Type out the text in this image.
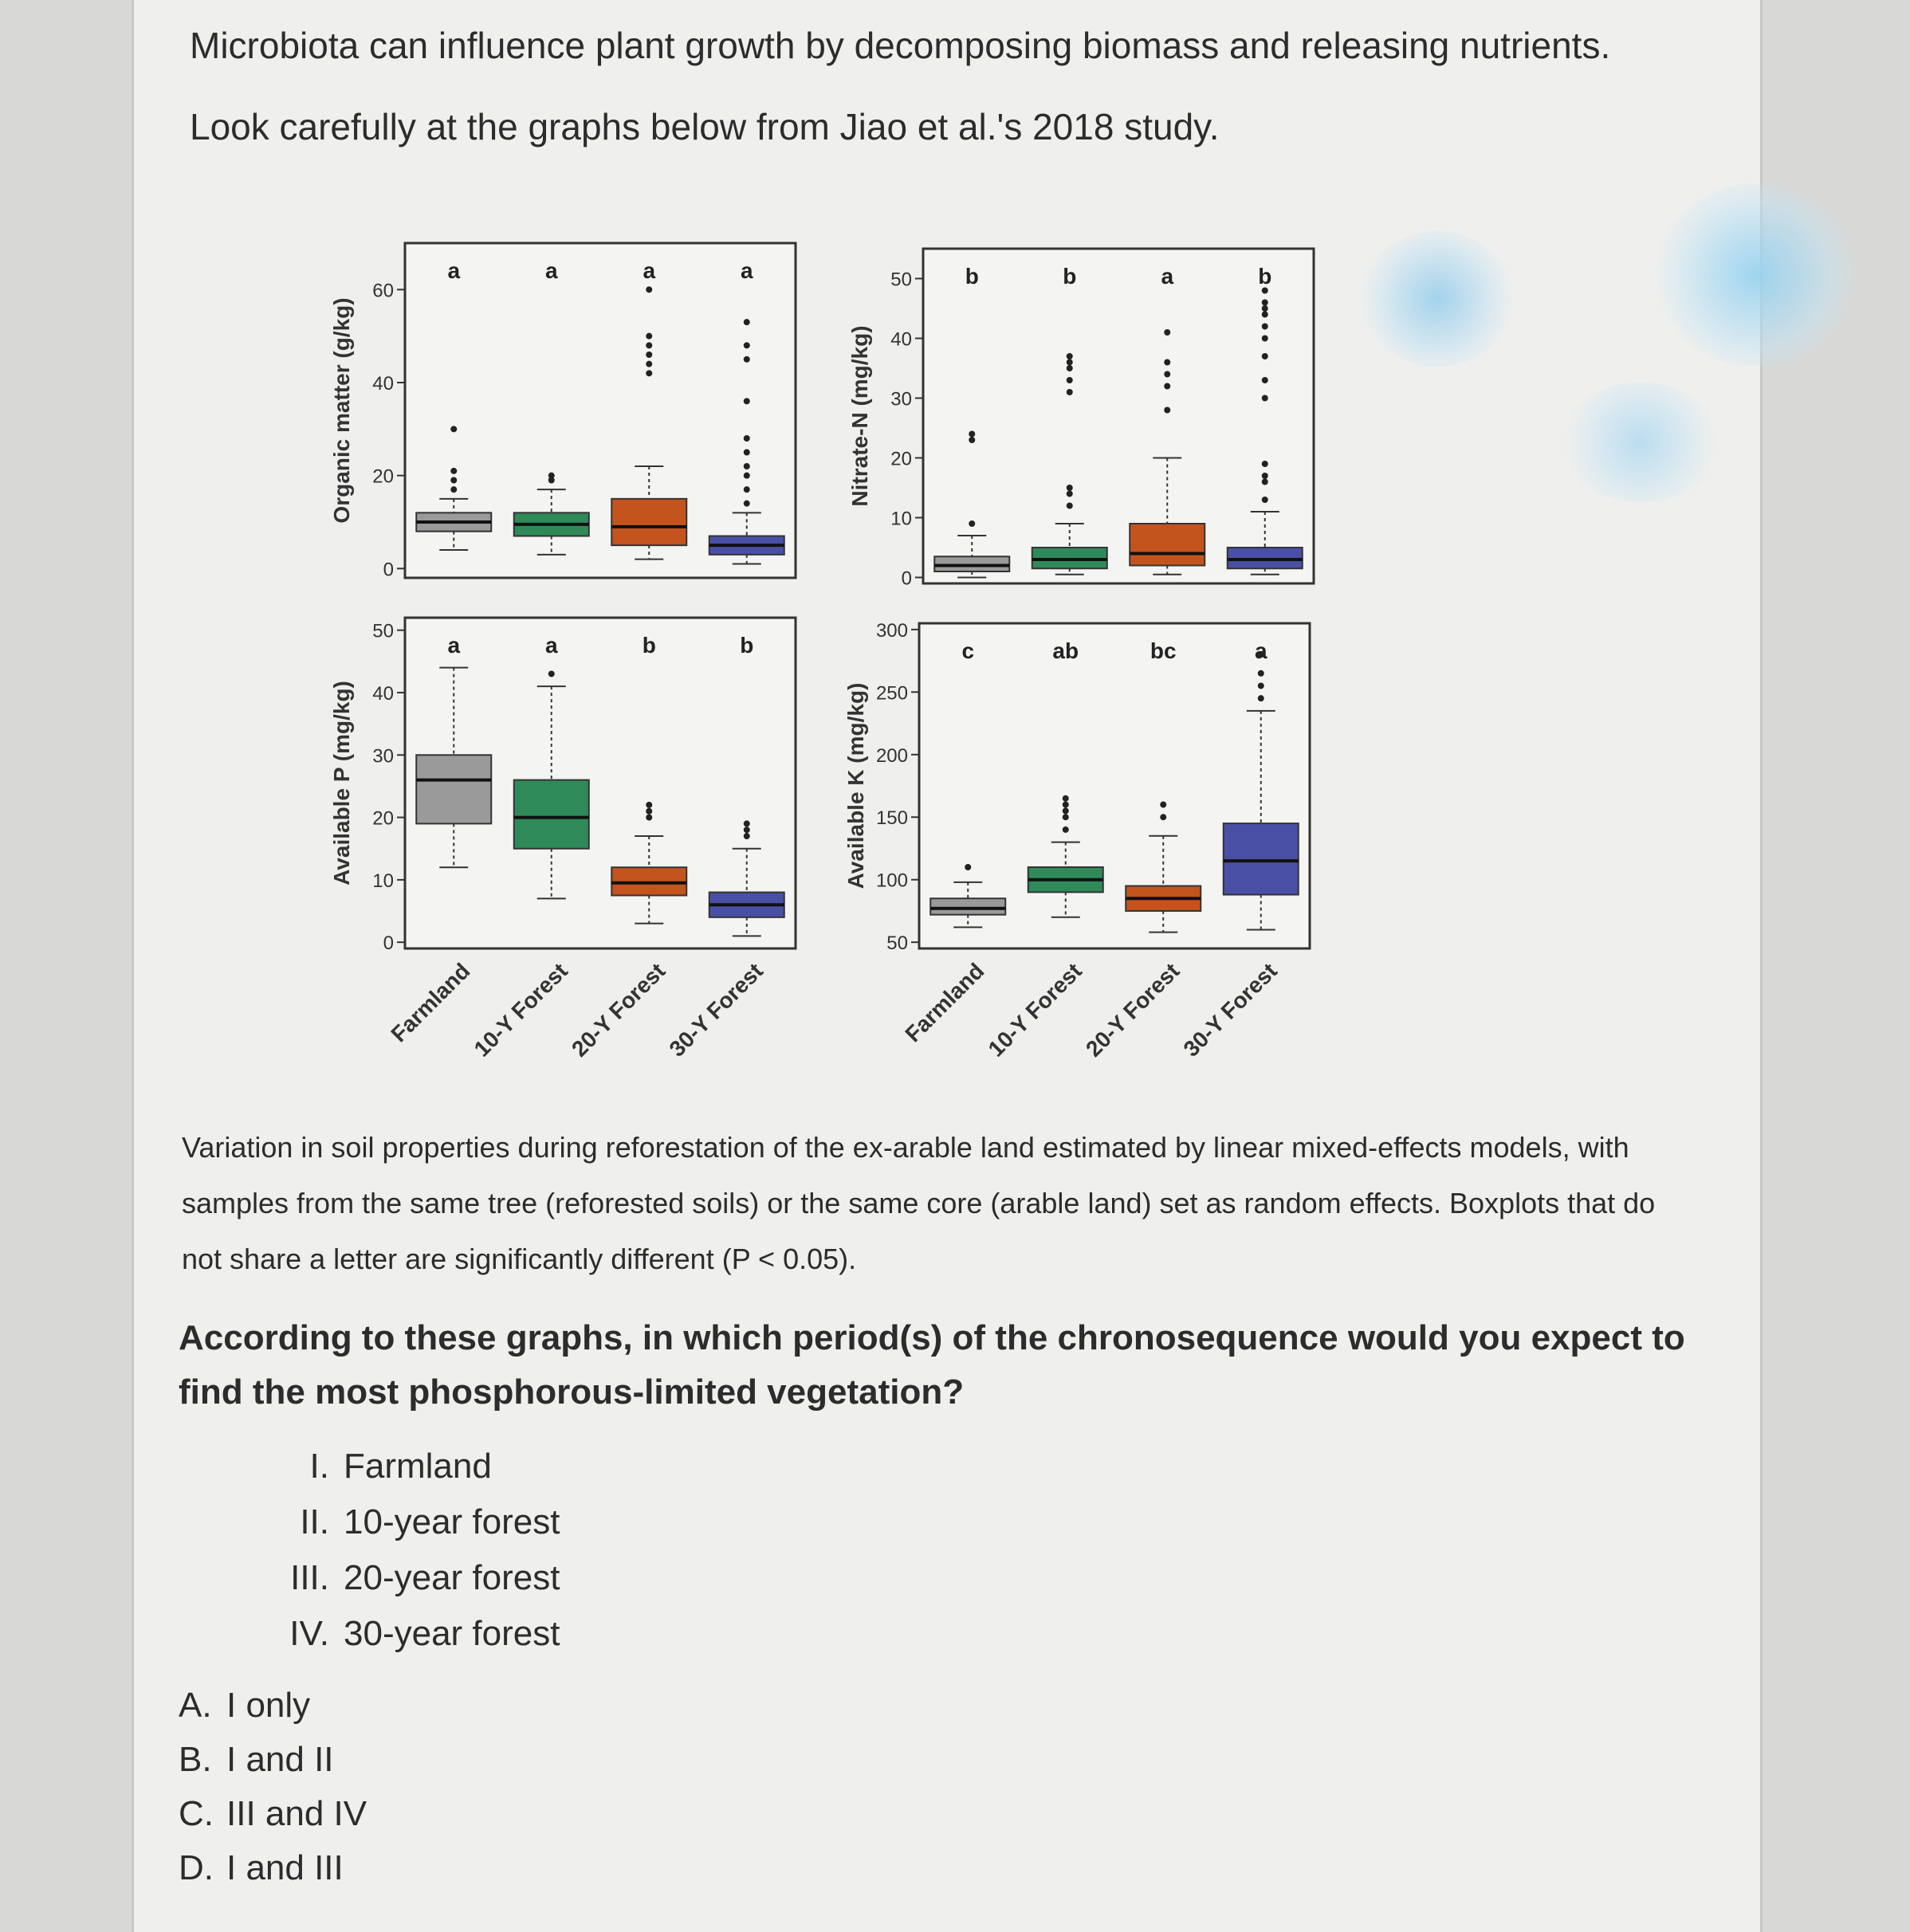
Microbiota can influence plant growth by decomposing biomass and releasing nutrients.

Look carefully at the graphs below from Jiao et al.'s 2018 study.

0
20
40
60
Organic matter (g/kg)
a	a	a	a
0
10
20
30
40
50
Nitrate-N (mg/kg)
b	b	a	b
0
10
20
30
40
50
Available P (mg/kg)
a
Farmland
a
10-Y Forest
b
20-Y Forest
b
30-Y Forest
50
100
150
200
250
300
Available K (mg/kg)
c
Farmland
ab
10-Y Forest
bc
20-Y Forest
a
30-Y Forest

Variation in soil properties during reforestation of the ex-arable land estimated by linear mixed-effects models, with samples from the same tree (reforested soils) or the same core (arable land) set as random effects. Boxplots that do not share a letter are significantly different (P < 0.05).

According to these graphs, in which period(s) of the chronosequence would you expect to find the most phosphorous-limited vegetation?

I. Farmland
II. 10-year forest
III. 20-year forest
IV. 30-year forest
A. I only
B. I and II
C. III and IV
D. I and III
